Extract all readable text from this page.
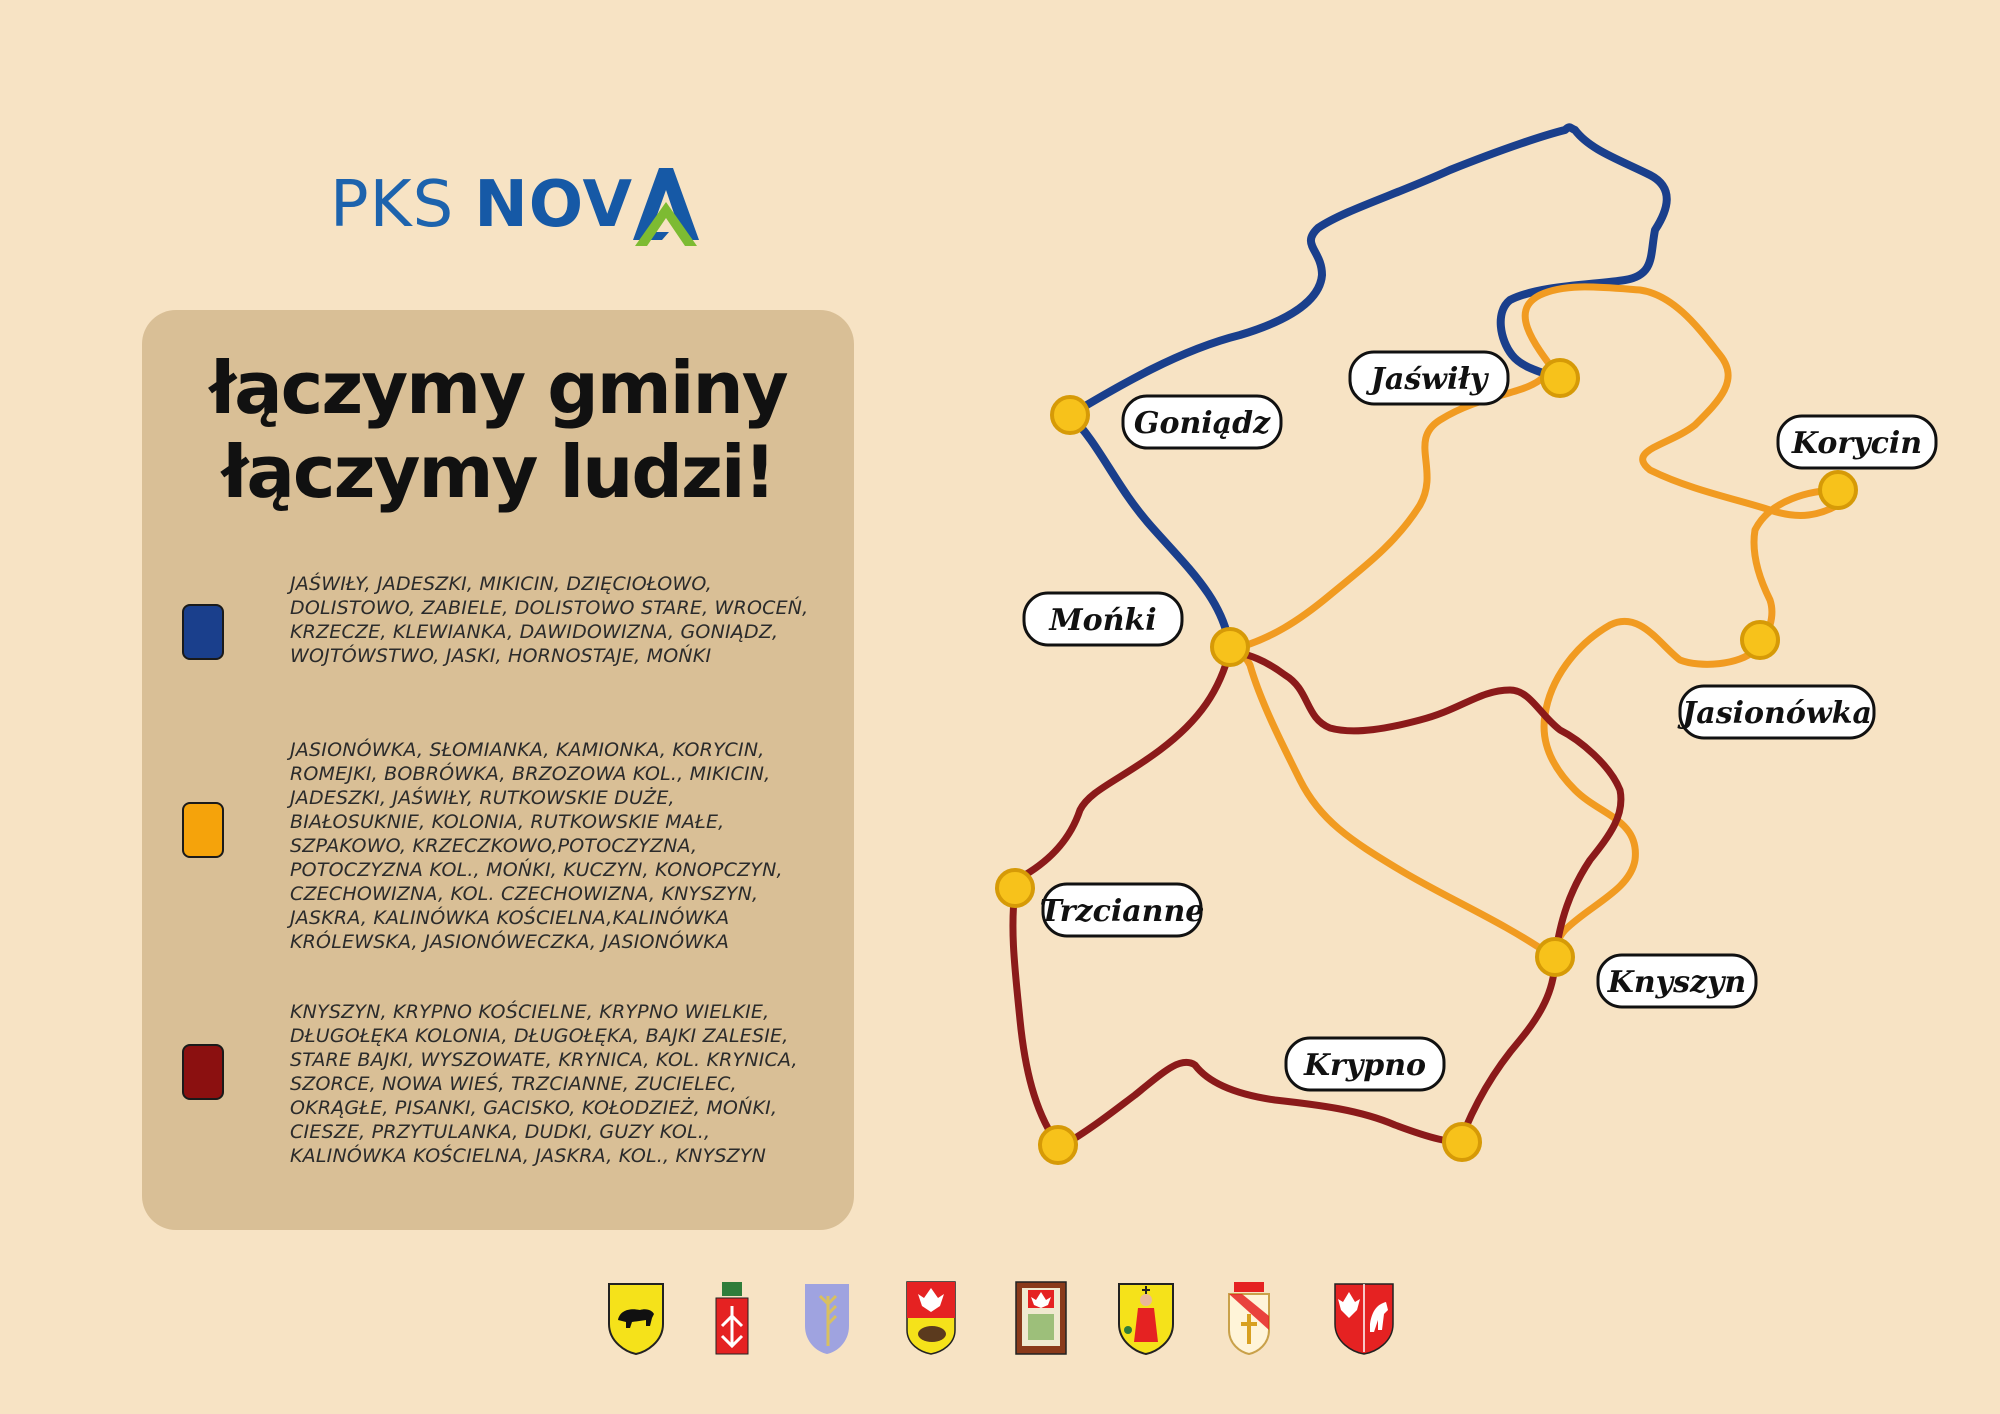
PKS NOV
łączymy gminy
łączymy ludzi!
JAŚWIŁY, JADESZKI, MIKICIN, DZIĘCIOŁOWO, DOLISTOWO, ZABIELE, DOLISTOWO STARE, WROCEŃ, KRZECZE, KLEWIANKA, DAWIDOWIZNA, GONIĄDZ, WOJTÓWSTWO, JASKI, HORNOSTAJE, MOŃKI
JASIONÓWKA, SŁOMIANKA, KAMIONKA, KORYCIN, ROMEJKI, BOBRÓWKA, BRZOZOWA KOL., MIKICIN, JADESZKI, JAŚWIŁY, RUTKOWSKIE DUŻE, BIAŁOSUKNIE, KOLONIA, RUTKOWSKIE MAŁE, SZPAKOWO, KRZECZKOWO,POTOCZYZNA, POTOCZYZNA KOL., MOŃKI, KUCZYN, KONOPCZYN, CZECHOWIZNA, KOL. CZECHOWIZNA, KNYSZYN, JASKRA, KALINÓWKA KOŚCIELNA,KALINÓWKA KRÓLEWSKA, JASIONÓWECZKA, JASIONÓWKA
KNYSZYN, KRYPNO KOŚCIELNE, KRYPNO WIELKIE, DŁUGOŁĘKA KOLONIA, DŁUGOŁĘKA, BAJKI ZALESIE, STARE BAJKI, WYSZOWATE, KRYNICA, KOL. KRYNICA, SZORCE, NOWA WIEŚ, TRZCIANNE, ZUCIELEC, OKRĄGŁE, PISANKI, GACISKO, KOŁODZIEŻ, MOŃKI, CIESZE, PRZYTULANKA, DUDKI, GUZY KOL., KALINÓWKA KOŚCIELNA, JASKRA, KOL., KNYSZYN
Goniądz
Jaświły
Korycin
Mońki
Jasionówka
Trzcianne
Knyszyn
Krypno
